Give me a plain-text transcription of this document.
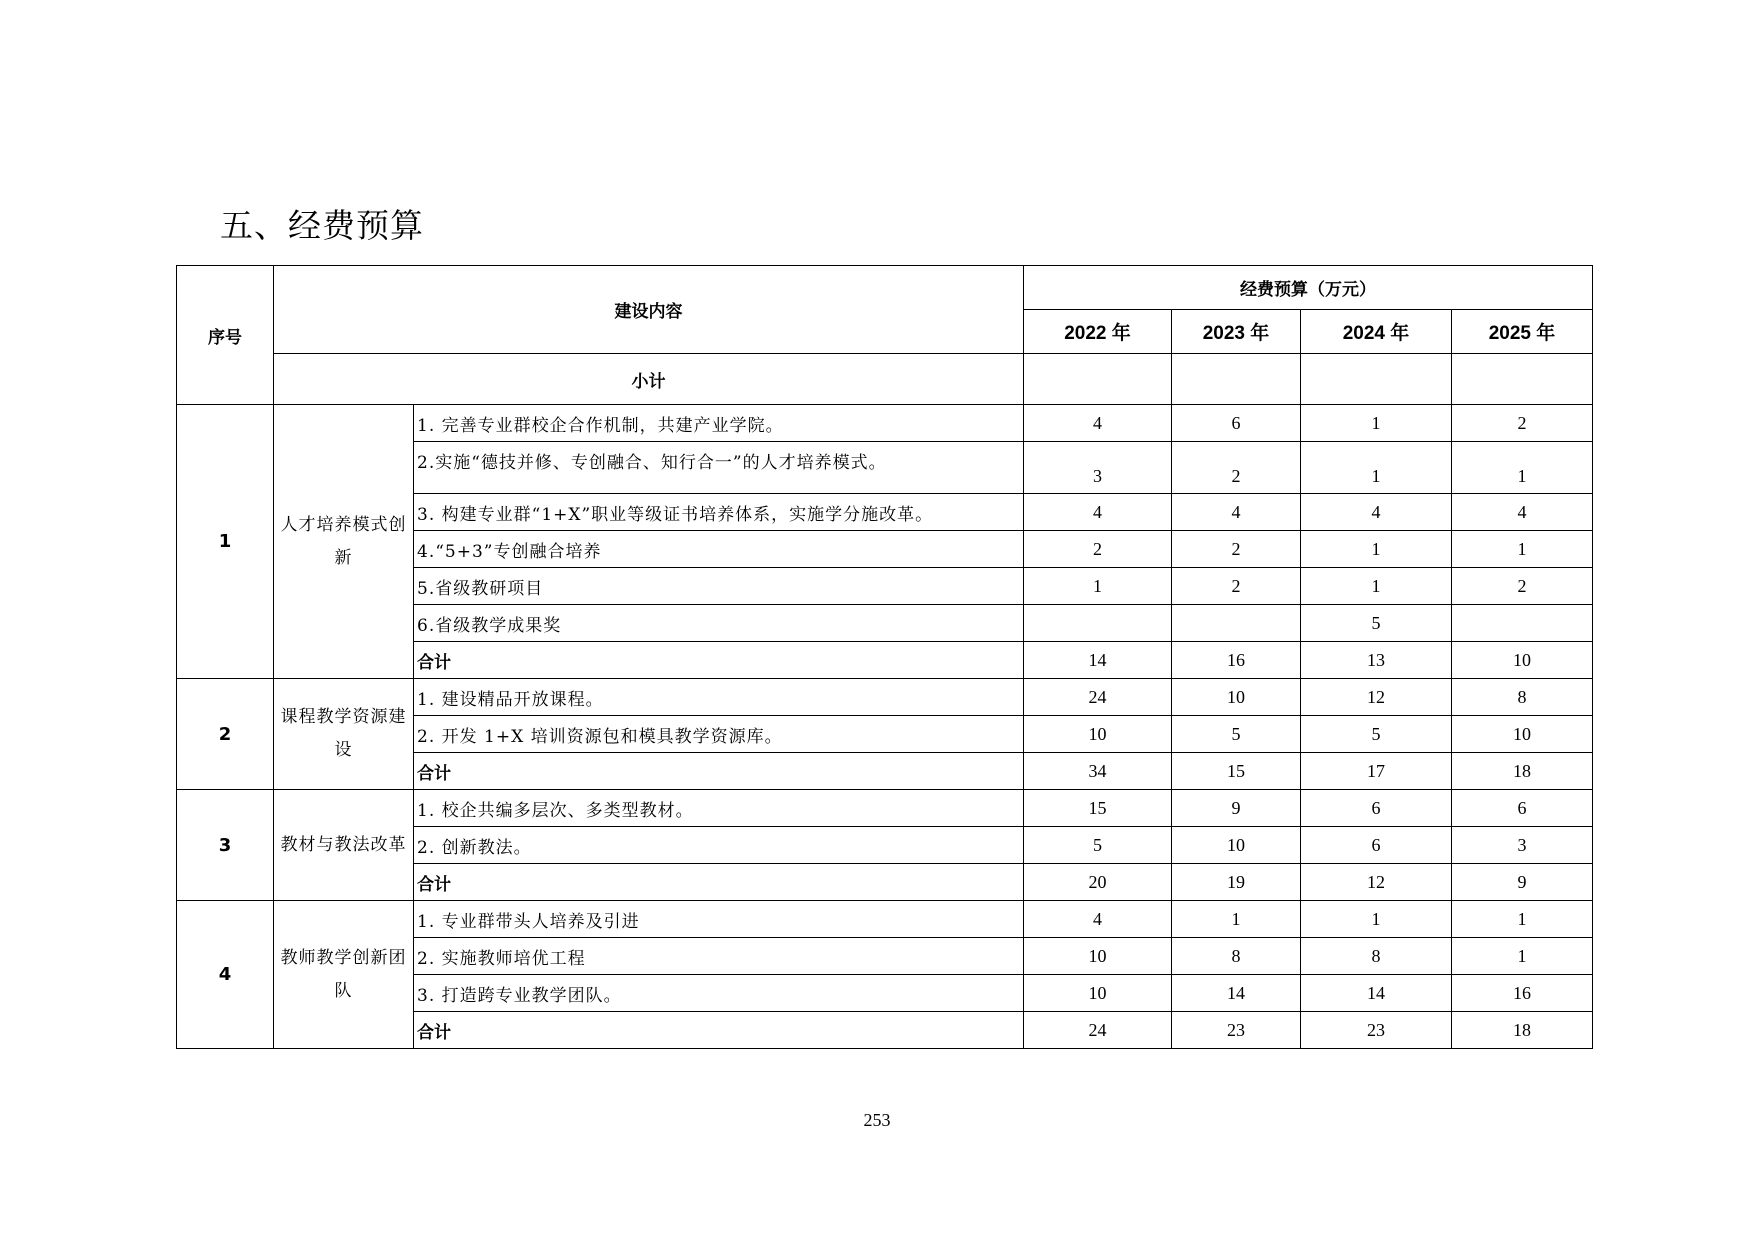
五、经费预算
序号	建设内容		经费预算（万元）			
			2022 年	2023 年	2024 年	2025 年
	小计					
1	人才培养模式创新	1. 完善专业群校企合作机制，共建产业学院。	4	6	1	2
		2.实施“德技并修、专创融合、知行合一”的人才培养模式。	3	2	1	1
		3. 构建专业群“1+X”职业等级证书培养体系，实施学分施改革。	4	4	4	4
		4.“5+3”专创融合培养	2	2	1	1
		5.省级教研项目	1	2	1	2
		6.省级教学成果奖			5	
		合计	14	16	13	10
2	课程教学资源建设	1. 建设精品开放课程。	24	10	12	8
		2. 开发 1+X 培训资源包和模具教学资源库。	10	5	5	10
		合计	34	15	17	18
3	教材与教法改革	1. 校企共编多层次、多类型教材。	15	9	6	6
		2. 创新教法。	5	10	6	3
		合计	20	19	12	9
4	教师教学创新团队	1. 专业群带头人培养及引进	4	1	1	1
		2. 实施教师培优工程	10	8	8	1
		3. 打造跨专业教学团队。	10	14	14	16
		合计	24	23	23	18
253
